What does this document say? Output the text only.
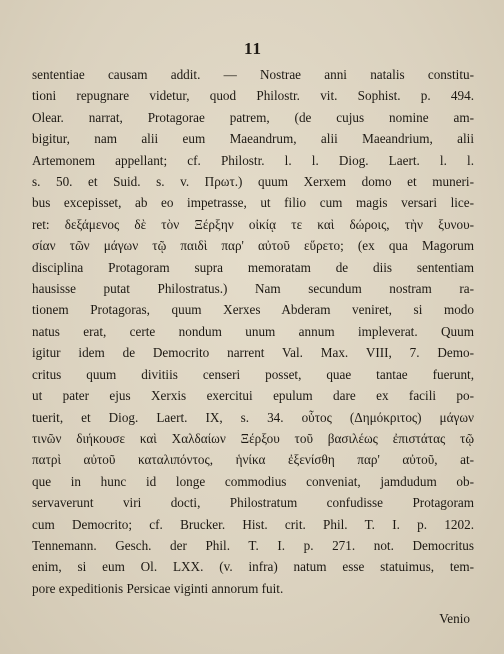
11
sententiae causam addit. — Nostrae anni natalis constitu-
tioni repugnare videtur, quod Philostr. vit. Sophist. p. 494.
Olear. narrat, Protagorae patrem, (de cujus nomine am-
bigitur, nam alii eum Maeandrum, alii Maeandrium, alii
Artemonem appellant; cf. Philostr. l. l. Diog. Laert. l. l.
s. 50. et Suid. s. v. Πρωτ.) quum Xerxem domo et muneri-
bus excepisset, ab eo impetrasse, ut filio cum magis versari lice-
ret: δεξάμενος δὲ τὸν Ξέρξην οἰκίᾳ τε καὶ δώροις, τὴν ξυνου-
σίαν τῶν μάγων τῷ παιδὶ παρ' αὐτοῦ εὕρετο; (ex qua Magorum
disciplina Protagoram supra memoratam de diis sententiam
hausisse putat Philostratus.) Nam secundum nostram ra-
tionem Protagoras, quum Xerxes Abderam veniret, si modo
natus erat, certe nondum unum annum impleverat. Quum
igitur idem de Democrito narrent Val. Max. VIII, 7. Demo-
critus quum divitiis censeri posset, quae tantae fuerunt,
ut pater ejus Xerxis exercitui epulum dare ex facili po-
tuerit, et Diog. Laert. IX, s. 34. οὗτος (Δημόκριτος) μάγων
τινῶν διήκουσε καὶ Χαλδαίων Ξέρξου τοῦ βασιλέως ἐπιστάτας τῷ
πατρὶ αὐτοῦ καταλιπόντος, ἡνίκα ἐξενίσθη παρ' αὐτοῦ, at-
que in hunc id longe commodius conveniat, jamdudum ob-
servaverunt viri docti, Philostratum confudisse Protagoram
cum Democrito; cf. Brucker. Hist. crit. Phil. T. I. p. 1202.
Tennemann. Gesch. der Phil. T. I. p. 271. not. Democritus
enim, si eum Ol. LXX. (v. infra) natum esse statuimus, tem-
pore expeditionis Persicae viginti annorum fuit.
Venio
